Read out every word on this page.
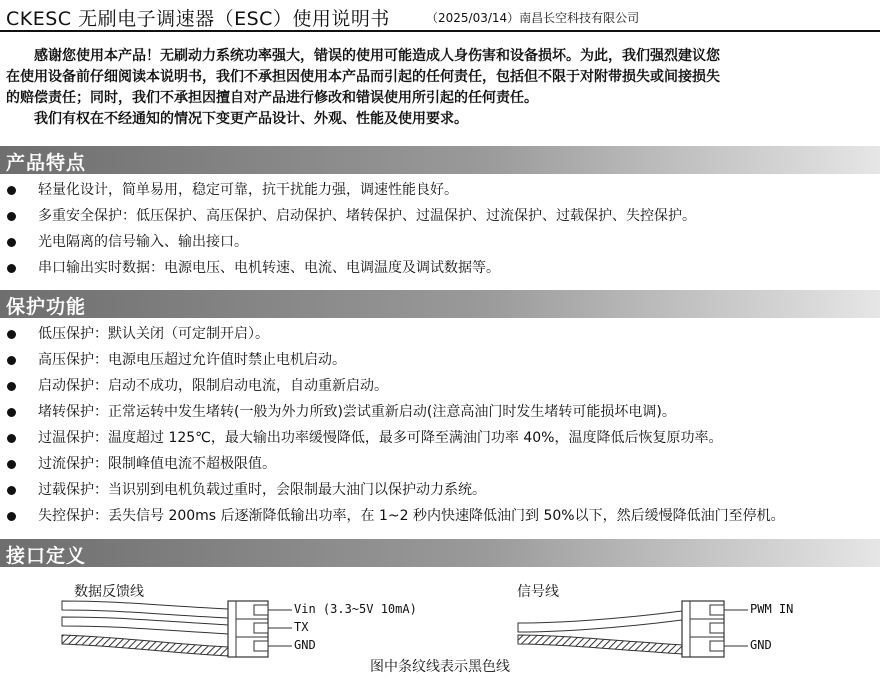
CKESC 无刷电子调速器（ESC）使用说明书	（2025/03/14）南昌长空科技有限公司

感谢您使用本产品！无刷动力系统功率强大，错误的使用可能造成人身伤害和设备损坏。为此，我们强烈建议您

在使用设备前仔细阅读本说明书，我们不承担因使用本产品而引起的任何责任，包括但不限于对附带损失或间接损失

的赔偿责任；同时，我们不承担因擅自对产品进行修改和错误使用所引起的任何责任。

我们有权在不经通知的情况下变更产品设计、外观、性能及使用要求。

产品特点
轻量化设计，简单易用，稳定可靠，抗干扰能力强，调速性能良好。
多重安全保护：低压保护、高压保护、启动保护、堵转保护、过温保护、过流保护、过载保护、失控保护。
光电隔离的信号输入、输出接口。
串口输出实时数据：电源电压、电机转速、电流、电调温度及调试数据等。
保护功能
低压保护：默认关闭（可定制开启）。
高压保护：电源电压超过允许值时禁止电机启动。
启动保护：启动不成功，限制启动电流，自动重新启动。
堵转保护：正常运转中发生堵转(一般为外力所致)尝试重新启动(注意高油门时发生堵转可能损坏电调)。
过温保护：温度超过 125℃，最大输出功率缓慢降低，最多可降至满油门功率 40%，温度降低后恢复原功率。
过流保护：限制峰值电流不超极限值。
过载保护：当识别到电机负载过重时，会限制最大油门以保护动力系统。
失控保护：丢失信号 200ms 后逐渐降低输出功率，在 1~2 秒内快速降低油门到 50%以下，然后缓慢降低油门至停机。
接口定义
数据反馈线	信号线
Vin (3.3~5V 10mA)
TX
GND
PWM IN
GND
图中条纹线表示黑色线
